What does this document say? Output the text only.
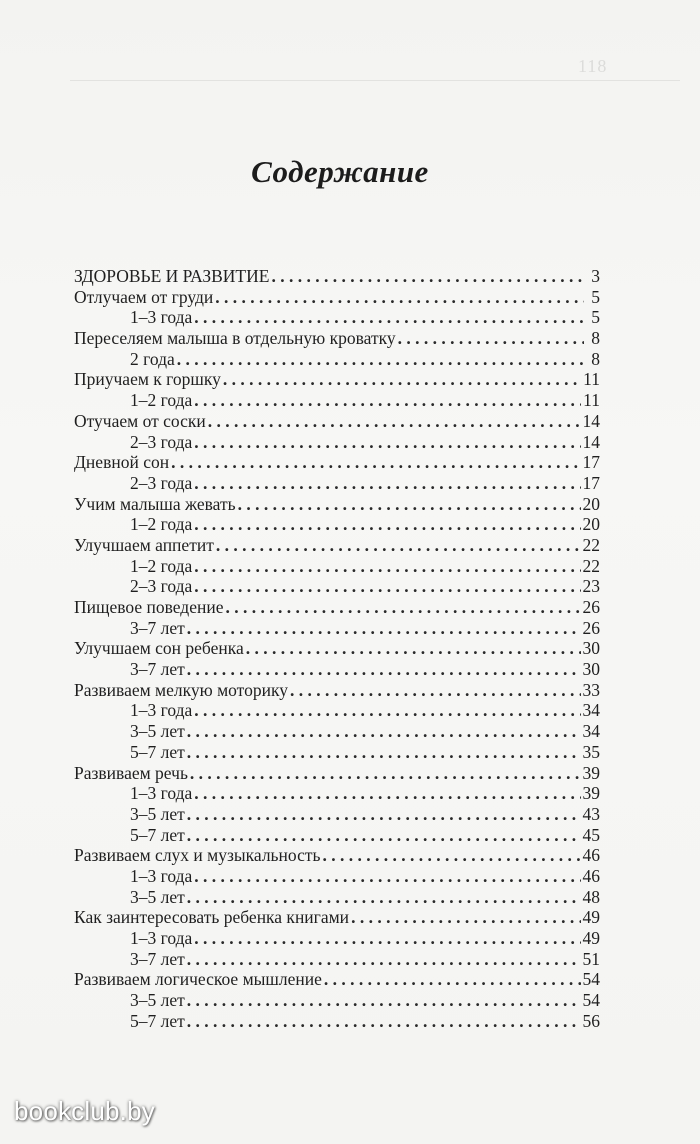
118
Содержание
ЗДОРОВЬЕ И РАЗВИТИЕ . . .	3
Отлучаем от груди . . .	5
1–3 года . . .	5
Переселяем малыша в отдельную кроватку . . .	8
2 года . . .	8
Приучаем к горшку . . .	11
1–2 года . . .	11
Отучаем от соски . . .	14
2–3 года . . .	14
Дневной сон . . .	17
2–3 года . . .	17
Учим малыша жевать . . .	20
1–2 года . . .	20
Улучшаем аппетит . . .	22
1–2 года . . .	22
2–3 года . . .	23
Пищевое поведение . . .	26
3–7 лет . . .	26
Улучшаем сон ребенка . . .	30
3–7 лет . . .	30
Развиваем мелкую моторику . . .	33
1–3 года . . .	34
3–5 лет . . .	34
5–7 лет . . .	35
Развиваем речь . . .	39
1–3 года . . .	39
3–5 лет . . .	43
5–7 лет . . .	45
Развиваем слух и музыкальность . . .	46
1–3 года . . .	46
3–5 лет . . .	48
Как заинтересовать ребенка книгами . . .	49
1–3 года . . .	49
3–7 лет . . .	51
Развиваем логическое мышление . . .	54
3–5 лет . . .	54
5–7 лет . . .	56
bookclub.by
